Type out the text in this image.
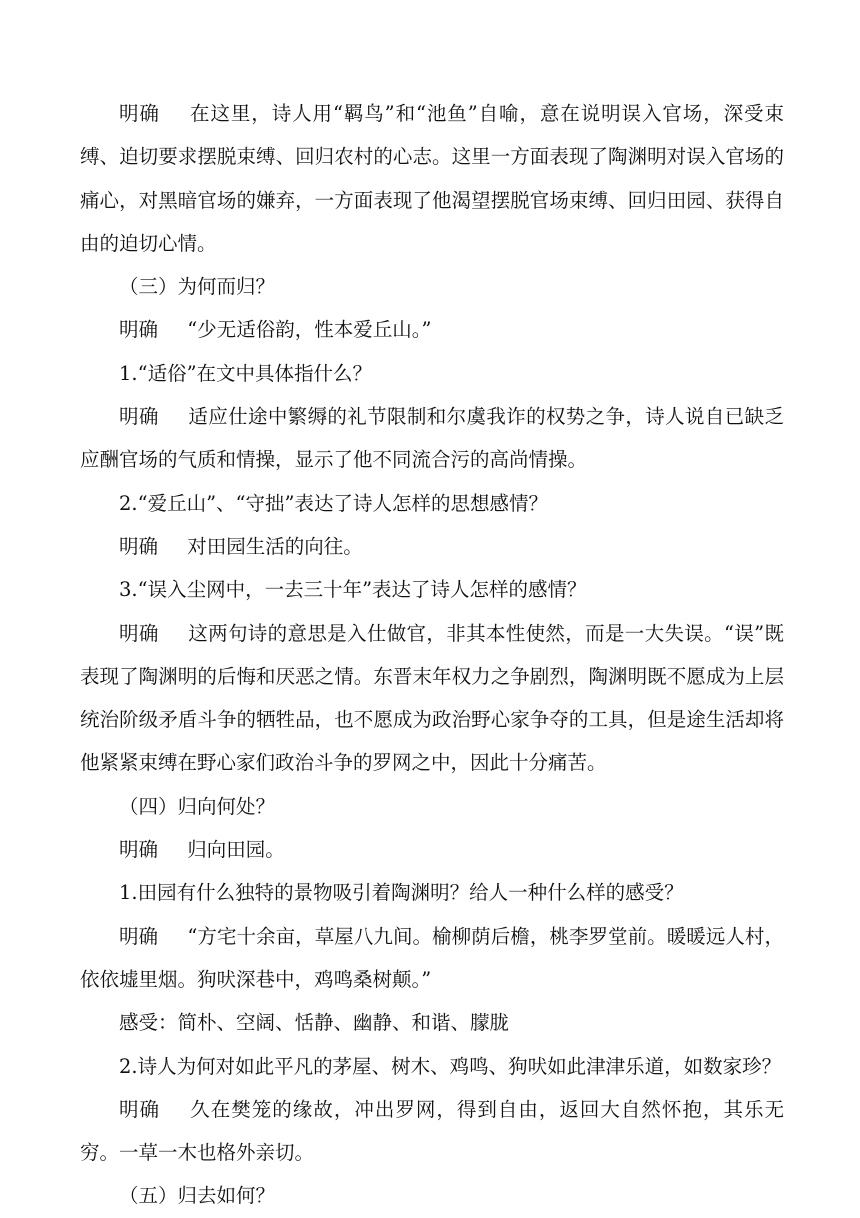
明确 在这里，诗人用“羁鸟”和“池鱼”自喻，意在说明误入官场，深受束缚、迫切要求摆脱束缚、回归农村的心志。这里一方面表现了陶渊明对误入官场的痛心，对黑暗官场的嫌弃，一方面表现了他渴望摆脱官场束缚、回归田园、获得自由的迫切心情。

（三）为何而归？

明确 “少无适俗韵，性本爱丘山。”

1.“适俗”在文中具体指什么？

明确 适应仕途中繁缛的礼节限制和尔虞我诈的权势之争，诗人说自已缺乏应酬官场的气质和情操，显示了他不同流合污的高尚情操。

2.“爱丘山”、“守拙”表达了诗人怎样的思想感情？

明确 对田园生活的向往。

3.“误入尘网中，一去三十年”表达了诗人怎样的感情？

明确 这两句诗的意思是入仕做官，非其本性使然，而是一大失误。“误”既表现了陶渊明的后悔和厌恶之情。东晋末年权力之争剧烈，陶渊明既不愿成为上层统治阶级矛盾斗争的牺牲品，也不愿成为政治野心家争夺的工具，但是途生活却将他紧紧束缚在野心家们政治斗争的罗网之中，因此十分痛苦。

（四）归向何处？

明确 归向田园。

1.田园有什么独特的景物吸引着陶渊明？给人一种什么样的感受？

明确 “方宅十余亩，草屋八九间。榆柳荫后檐，桃李罗堂前。暖暖远人村，依依墟里烟。狗吠深巷中，鸡鸣桑树颠。”

感受：简朴、空阔、恬静、幽静、和谐、朦胧

2.诗人为何对如此平凡的茅屋、树木、鸡鸣、狗吠如此津津乐道，如数家珍？

明确 久在樊笼的缘故，冲出罗网，得到自由，返回大自然怀抱，其乐无穷。一草一木也格外亲切。

（五）归去如何？
